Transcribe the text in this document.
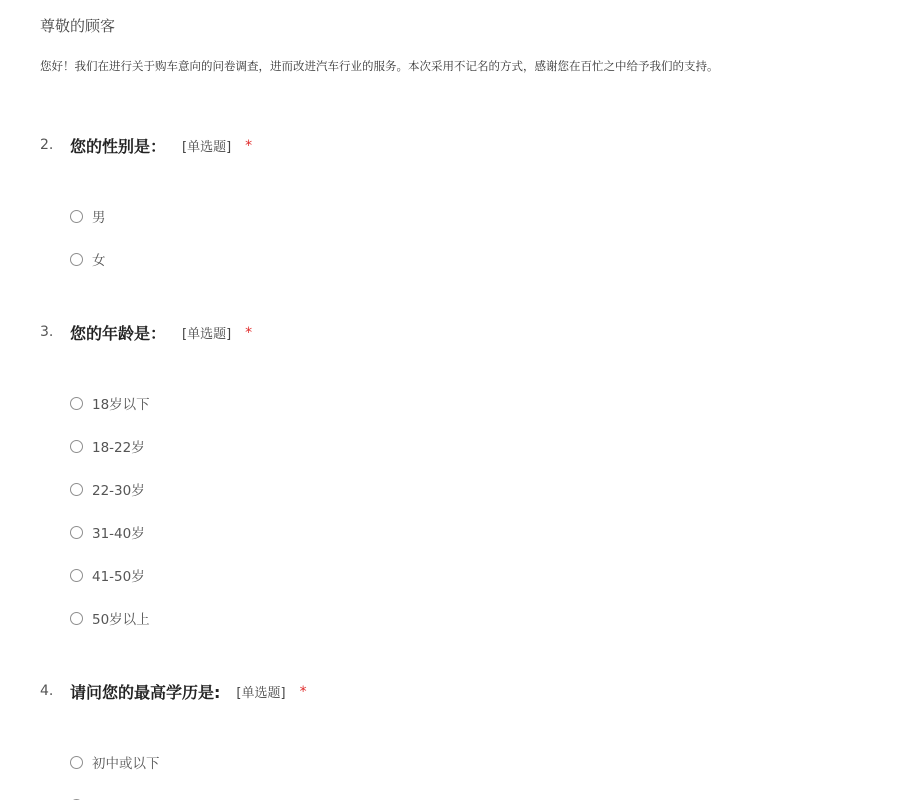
尊敬的顾客
您好！我们在进行关于购车意向的问卷调查，进而改进汽车行业的服务。本次采用不记名的方式，感谢您在百忙之中给予我们的支持。
2. 您的性别是： [单选题] *
男
女
3. 您的年龄是： [单选题] *
18岁以下
18-22岁
22-30岁
31-40岁
41-50岁
50岁以上
4. 请问您的最高学历是: [单选题] *
初中或以下
